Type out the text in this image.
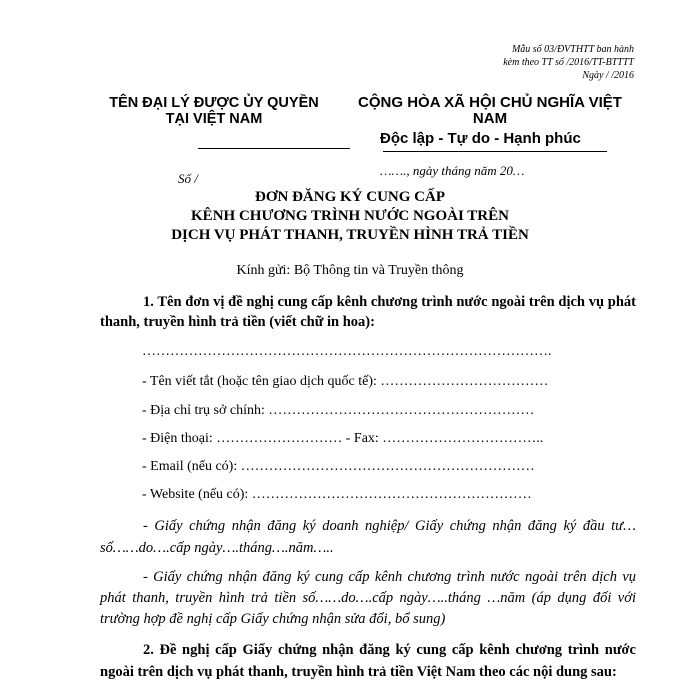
Mẫu số 03/ĐVTHTT ban hành
kèm theo TT số /2016/TT-BTTTT
Ngày / /2016
TÊN ĐẠI LÝ ĐƯỢC ỦY QUYỀN TẠI VIỆT NAM
CỘNG HÒA XÃ HỘI CHỦ NGHĨA VIỆT NAM
Độc lập - Tự do - Hạnh phúc
Số /
……., ngày tháng năm 20…
ĐƠN ĐĂNG KÝ CUNG CẤP
KÊNH CHƯƠNG TRÌNH NƯỚC NGOÀI TRÊN
DỊCH VỤ PHÁT THANH, TRUYỀN HÌNH TRẢ TIỀN
Kính gửi: Bộ Thông tin và Truyền thông
1. Tên đơn vị đề nghị cung cấp kênh chương trình nước ngoài trên dịch vụ phát thanh, truyền hình trả tiền (viết chữ in hoa):
…………………………………………………………………………….
- Tên viết tắt (hoặc tên giao dịch quốc tế): ………………………………
- Địa chỉ trụ sở chính: …………………………………………………
- Điện thoại: ……………………… - Fax: ……………………………..
- Email (nếu có): ………………………………………………………
- Website (nếu có): ……………………………………………………
- Giấy chứng nhận đăng ký doanh nghiệp/ Giấy chứng nhận đăng ký đầu tư… số……do….cấp ngày….tháng….năm…..
- Giấy chứng nhận đăng ký cung cấp kênh chương trình nước ngoài trên dịch vụ phát thanh, truyền hình trả tiền số……do….cấp ngày…..tháng …năm (áp dụng đối với trường hợp đề nghị cấp Giấy chứng nhận sửa đổi, bổ sung)
2. Đề nghị cấp Giấy chứng nhận đăng ký cung cấp kênh chương trình nước ngoài trên dịch vụ phát thanh, truyền hình trả tiền Việt Nam theo các nội dung sau:
